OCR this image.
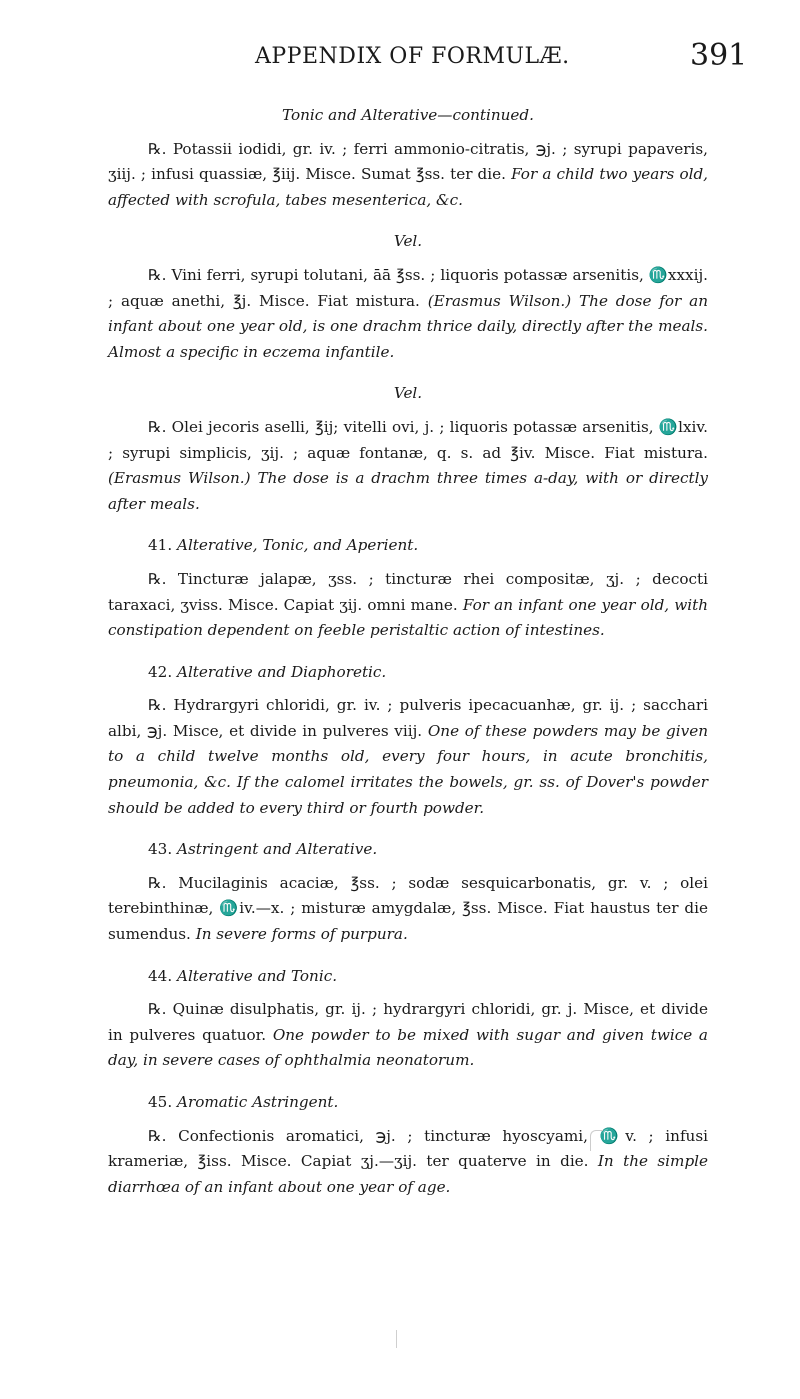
APPENDIX OF FORMULÆ.	391
Tonic and Alterative—continued.

℞. Potassii iodidi, gr. iv. ; ferri ammonio-citratis, ℈j. ; syrupi papaveris, ʒiij. ; infusi quassiæ, ℥iij. Misce. Sumat ℥ss. ter die. For a child two years old, affected with scrofula, tabes mesenterica, &c.

Vel.

℞. Vini ferri, syrupi tolutani, āā ℥ss. ; liquoris potassæ arsenitis, ♏xxxij. ; aquæ anethi, ℥j. Misce. Fiat mistura. (Erasmus Wilson.) The dose for an infant about one year old, is one drachm thrice daily, directly after the meals. Almost a specific in eczema infantile.

Vel.

℞. Olei jecoris aselli, ℥ij; vitelli ovi, j. ; liquoris potassæ arsenitis, ♏lxiv. ; syrupi simplicis, ʒij. ; aquæ fontanæ, q. s. ad ℥iv. Misce. Fiat mistura. (Erasmus Wilson.) The dose is a drachm three times a-day, with or directly after meals.

41. Alterative, Tonic, and Aperient.

℞. Tincturæ jalapæ, ʒss. ; tincturæ rhei compositæ, ʒj. ; decocti taraxaci, ʒviss. Misce. Capiat ʒij. omni mane. For an infant one year old, with constipation dependent on feeble peristaltic action of intestines.

42. Alterative and Diaphoretic.

℞. Hydrargyri chloridi, gr. iv. ; pulveris ipecacuanhæ, gr. ij. ; sacchari albi, ℈j. Misce, et divide in pulveres viij. One of these powders may be given to a child twelve months old, every four hours, in acute bronchitis, pneumonia, &c. If the calomel irritates the bowels, gr. ss. of Dover's powder should be added to every third or fourth powder.

43. Astringent and Alterative.

℞. Mucilaginis acaciæ, ℥ss. ; sodæ sesquicarbonatis, gr. v. ; olei terebinthinæ, ♏iv.—x. ; misturæ amygdalæ, ℥ss. Misce. Fiat haustus ter die sumendus. In severe forms of purpura.

44. Alterative and Tonic.

℞. Quinæ disulphatis, gr. ij. ; hydrargyri chloridi, gr. j. Misce, et divide in pulveres quatuor. One powder to be mixed with sugar and given twice a day, in severe cases of ophthalmia neonatorum.

45. Aromatic Astringent.

℞. Confectionis aromatici, ℈j. ; tincturæ hyoscyami, ♏v. ; infusi krameriæ, ℥iss. Misce. Capiat ʒj.—ʒij. ter quaterve in die. In the simple diarrhœa of an infant about one year of age.
